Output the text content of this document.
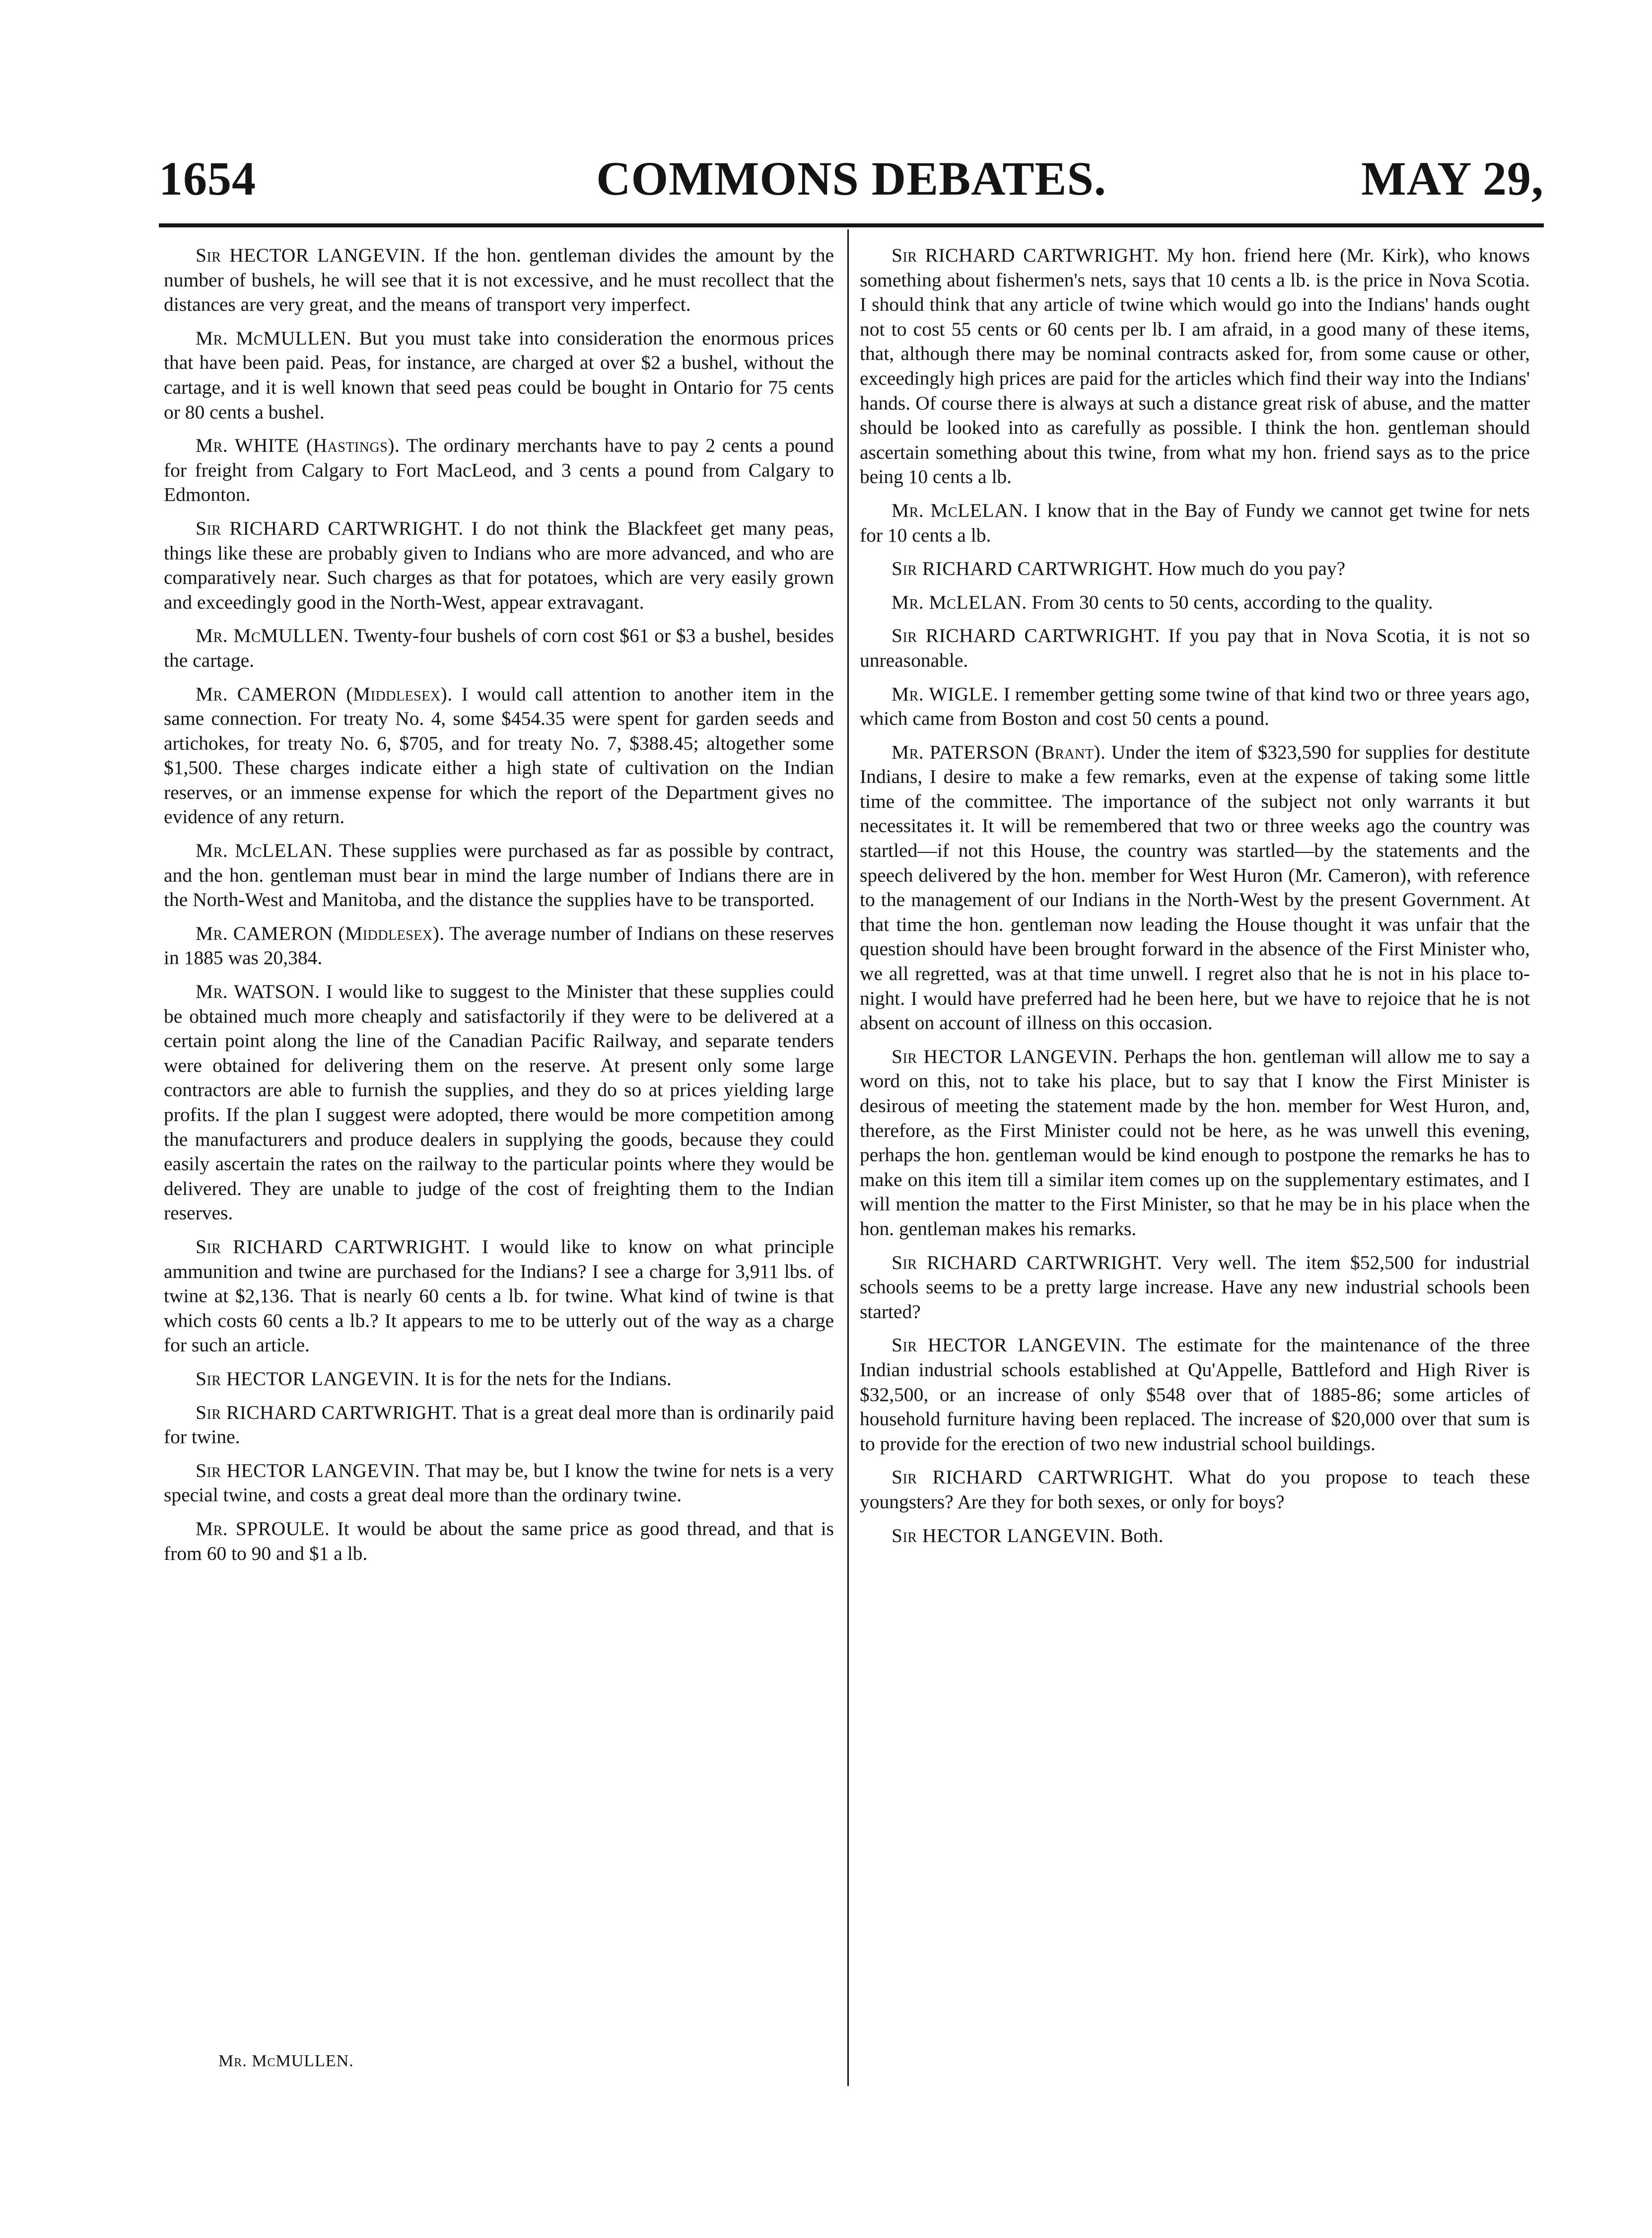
1654	COMMONS DEBATES.	MAY 29,

Sir HECTOR LANGEVIN. If the hon. gentleman divides the amount by the number of bushels, he will see that it is not excessive, and he must recollect that the distances are very great, and the means of transport very imperfect.

Mr. McMULLEN. But you must take into consideration the enormous prices that have been paid. Peas, for instance, are charged at over $2 a bushel, without the cartage, and it is well known that seed peas could be bought in Ontario for 75 cents or 80 cents a bushel.

Mr. WHITE (Hastings). The ordinary merchants have to pay 2 cents a pound for freight from Calgary to Fort MacLeod, and 3 cents a pound from Calgary to Edmonton.

Sir RICHARD CARTWRIGHT. I do not think the Blackfeet get many peas, things like these are probably given to Indians who are more advanced, and who are comparatively near. Such charges as that for potatoes, which are very easily grown and exceedingly good in the North-West, appear extravagant.

Mr. McMULLEN. Twenty-four bushels of corn cost $61 or $3 a bushel, besides the cartage.

Mr. CAMERON (Middlesex). I would call attention to another item in the same connection. For treaty No. 4, some $454.35 were spent for garden seeds and artichokes, for treaty No. 6, $705, and for treaty No. 7, $388.45; altogether some $1,500. These charges indicate either a high state of cultivation on the Indian reserves, or an immense expense for which the report of the Department gives no evidence of any return.

Mr. McLELAN. These supplies were purchased as far as possible by contract, and the hon. gentleman must bear in mind the large number of Indians there are in the North-West and Manitoba, and the distance the supplies have to be transported.

Mr. CAMERON (Middlesex). The average number of Indians on these reserves in 1885 was 20,384.

Mr. WATSON. I would like to suggest to the Minister that these supplies could be obtained much more cheaply and satisfactorily if they were to be delivered at a certain point along the line of the Canadian Pacific Railway, and separate tenders were obtained for delivering them on the reserve. At present only some large contractors are able to furnish the supplies, and they do so at prices yielding large profits. If the plan I suggest were adopted, there would be more competition among the manufacturers and produce dealers in supplying the goods, because they could easily ascertain the rates on the railway to the particular points where they would be delivered. They are unable to judge of the cost of freighting them to the Indian reserves.

Sir RICHARD CARTWRIGHT. I would like to know on what principle ammunition and twine are purchased for the Indians? I see a charge for 3,911 lbs. of twine at $2,136. That is nearly 60 cents a lb. for twine. What kind of twine is that which costs 60 cents a lb.? It appears to me to be utterly out of the way as a charge for such an article.

Sir HECTOR LANGEVIN. It is for the nets for the Indians.

Sir RICHARD CARTWRIGHT. That is a great deal more than is ordinarily paid for twine.

Sir HECTOR LANGEVIN. That may be, but I know the twine for nets is a very special twine, and costs a great deal more than the ordinary twine.

Mr. SPROULE. It would be about the same price as good thread, and that is from 60 to 90 and $1 a lb.

Sir RICHARD CARTWRIGHT. My hon. friend here (Mr. Kirk), who knows something about fishermen's nets, says that 10 cents a lb. is the price in Nova Scotia. I should think that any article of twine which would go into the Indians' hands ought not to cost 55 cents or 60 cents per lb. I am afraid, in a good many of these items, that, although there may be nominal contracts asked for, from some cause or other, exceedingly high prices are paid for the articles which find their way into the Indians' hands. Of course there is always at such a distance great risk of abuse, and the matter should be looked into as carefully as possible. I think the hon. gentleman should ascertain something about this twine, from what my hon. friend says as to the price being 10 cents a lb.

Mr. McLELAN. I know that in the Bay of Fundy we cannot get twine for nets for 10 cents a lb.

Sir RICHARD CARTWRIGHT. How much do you pay?

Mr. McLELAN. From 30 cents to 50 cents, according to the quality.

Sir RICHARD CARTWRIGHT. If you pay that in Nova Scotia, it is not so unreasonable.

Mr. WIGLE. I remember getting some twine of that kind two or three years ago, which came from Boston and cost 50 cents a pound.

Mr. PATERSON (Brant). Under the item of $323,590 for supplies for destitute Indians, I desire to make a few remarks, even at the expense of taking some little time of the committee. The importance of the subject not only warrants it but necessitates it. It will be remembered that two or three weeks ago the country was startled—if not this House, the country was startled—by the statements and the speech delivered by the hon. member for West Huron (Mr. Cameron), with reference to the management of our Indians in the North-West by the present Government. At that time the hon. gentleman now leading the House thought it was unfair that the question should have been brought forward in the absence of the First Minister who, we all regretted, was at that time unwell. I regret also that he is not in his place to-night. I would have preferred had he been here, but we have to rejoice that he is not absent on account of illness on this occasion.

Sir HECTOR LANGEVIN. Perhaps the hon. gentleman will allow me to say a word on this, not to take his place, but to say that I know the First Minister is desirous of meeting the statement made by the hon. member for West Huron, and, therefore, as the First Minister could not be here, as he was unwell this evening, perhaps the hon. gentleman would be kind enough to postpone the remarks he has to make on this item till a similar item comes up on the supplementary estimates, and I will mention the matter to the First Minister, so that he may be in his place when the hon. gentleman makes his remarks.

Sir RICHARD CARTWRIGHT. Very well. The item $52,500 for industrial schools seems to be a pretty large increase. Have any new industrial schools been started?

Sir HECTOR LANGEVIN. The estimate for the maintenance of the three Indian industrial schools established at Qu'Appelle, Battleford and High River is $32,500, or an increase of only $548 over that of 1885-86; some articles of household furniture having been replaced. The increase of $20,000 over that sum is to provide for the erection of two new industrial school buildings.

Sir RICHARD CARTWRIGHT. What do you propose to teach these youngsters? Are they for both sexes, or only for boys?

Sir HECTOR LANGEVIN. Both.

Mr. McMULLEN.
